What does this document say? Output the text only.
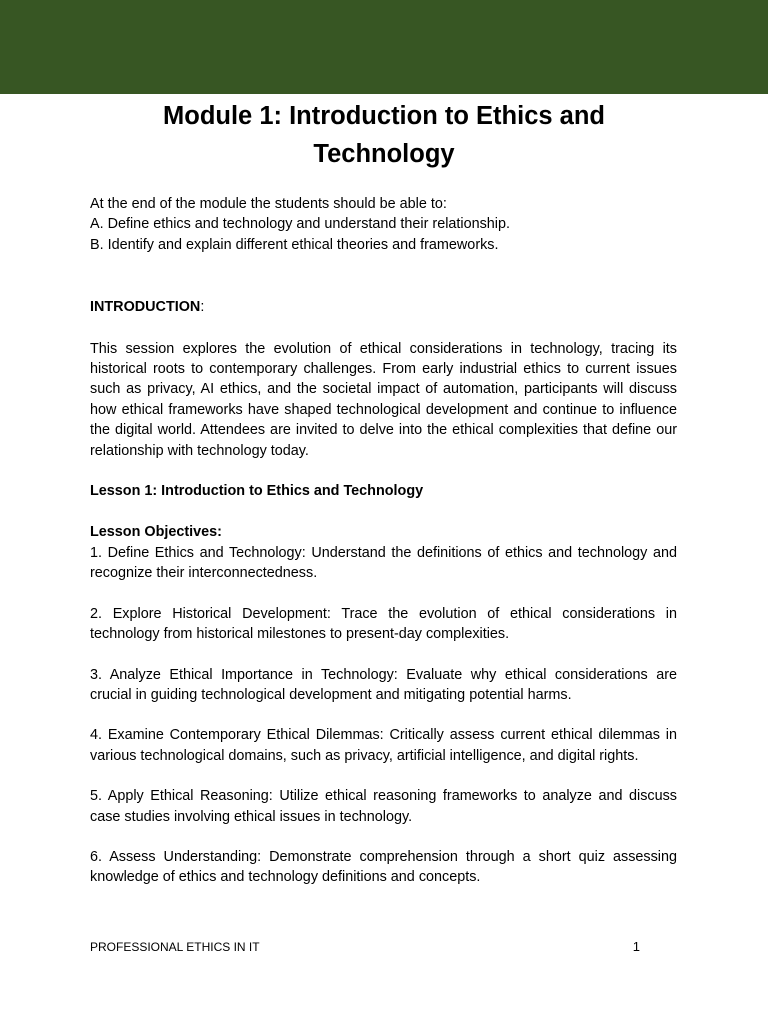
Module 1: Introduction to Ethics and
Technology

At the end of the module the students should be able to:

A. Define ethics and technology and understand their relationship.

B. Identify and explain different ethical theories and frameworks.

INTRODUCTION:

This session explores the evolution of ethical considerations in technology, tracing its historical roots to contemporary challenges. From early industrial ethics to current issues such as privacy, AI ethics, and the societal impact of automation, participants will discuss how ethical frameworks have shaped technological development and continue to influence the digital world. Attendees are invited to delve into the ethical complexities that define our relationship with technology today.

Lesson 1: Introduction to Ethics and Technology

Lesson Objectives:

1. Define Ethics and Technology: Understand the definitions of ethics and technology and recognize their interconnectedness.

2. Explore Historical Development: Trace the evolution of ethical considerations in technology from historical milestones to present-day complexities.

3. Analyze Ethical Importance in Technology: Evaluate why ethical considerations are crucial in guiding technological development and mitigating potential harms.

4. Examine Contemporary Ethical Dilemmas: Critically assess current ethical dilemmas in various technological domains, such as privacy, artificial intelligence, and digital rights.

5. Apply Ethical Reasoning: Utilize ethical reasoning frameworks to analyze and discuss case studies involving ethical issues in technology.

6. Assess Understanding: Demonstrate comprehension through a short quiz assessing knowledge of ethics and technology definitions and concepts.

PROFESSIONAL ETHICS IN IT	1
